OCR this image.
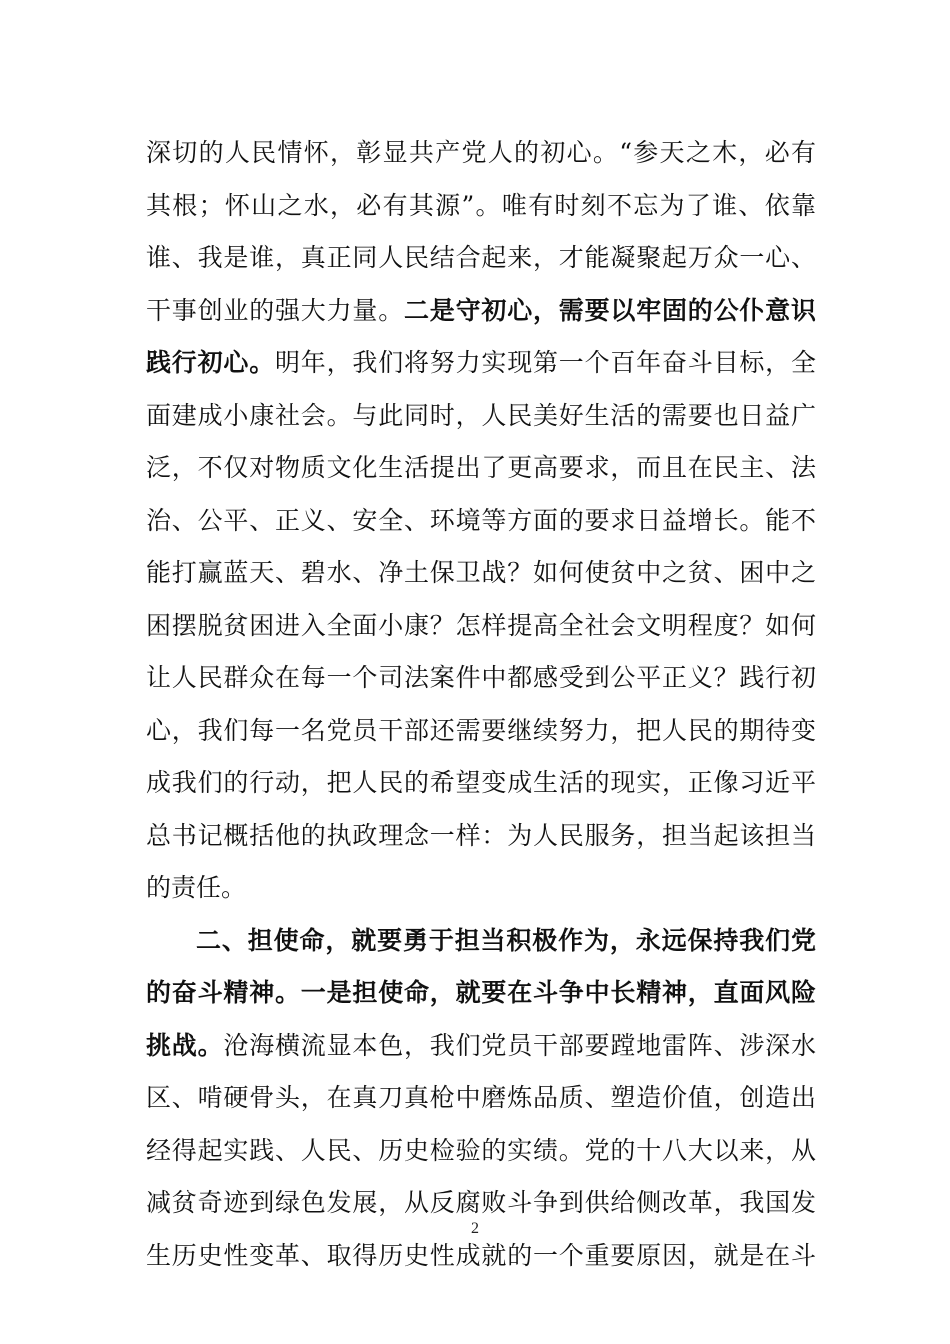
深切的人民情怀，彰显共产党人的初心。“参天之木，必有
其根；怀山之水，必有其源”。唯有时刻不忘为了谁、依靠
谁、我是谁，真正同人民结合起来，才能凝聚起万众一心、
干事创业的强大力量。二是守初心，需要以牢固的公仆意识
践行初心。明年，我们将努力实现第一个百年奋斗目标，全
面建成小康社会。与此同时，人民美好生活的需要也日益广
泛，不仅对物质文化生活提出了更高要求，而且在民主、法
治、公平、正义、安全、环境等方面的要求日益增长。能不
能打赢蓝天、碧水、净土保卫战？如何使贫中之贫、困中之
困摆脱贫困进入全面小康？怎样提高全社会文明程度？如何
让人民群众在每一个司法案件中都感受到公平正义？践行初
心，我们每一名党员干部还需要继续努力，把人民的期待变
成我们的行动，把人民的希望变成生活的现实，正像习近平
总书记概括他的执政理念一样：为人民服务，担当起该担当
的责任。
二、担使命，就要勇于担当积极作为，永远保持我们党
的奋斗精神。一是担使命，就要在斗争中长精神，直面风险
挑战。沧海横流显本色，我们党员干部要蹚地雷阵、涉深水
区、啃硬骨头，在真刀真枪中磨炼品质、塑造价值，创造出
经得起实践、人民、历史检验的实绩。党的十八大以来，从
减贫奇迹到绿色发展，从反腐败斗争到供给侧改革，我国发
生历史性变革、取得历史性成就的一个重要原因，就是在斗
2
